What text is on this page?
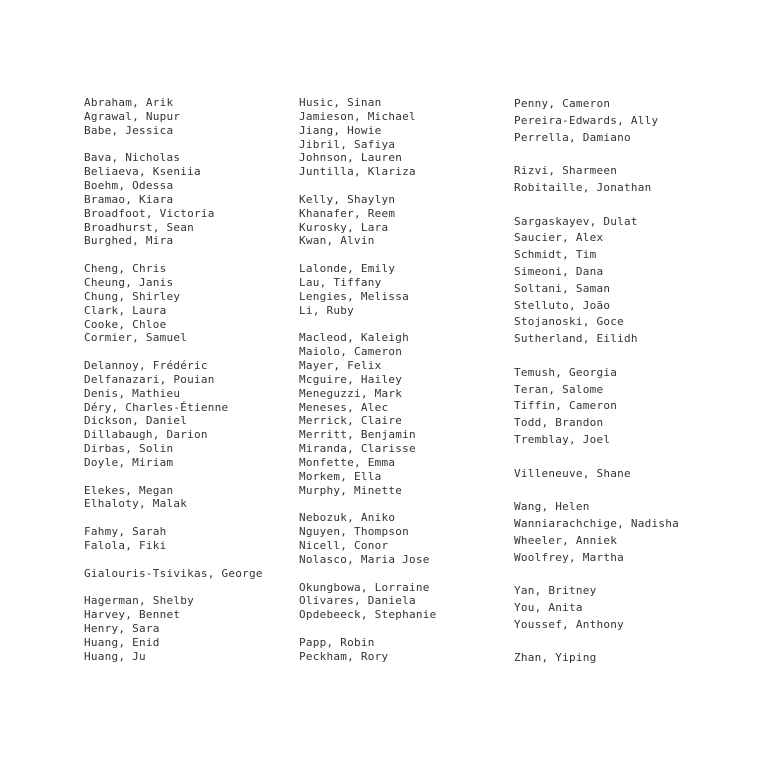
Abraham, Arik
Agrawal, Nupur
Babe, Jessica
Bava, Nicholas
Beliaeva, Kseniia
Boehm, Odessa
Bramao, Kiara
Broadfoot, Victoria
Broadhurst, Sean
Burghed, Mira
Cheng, Chris
Cheung, Janis
Chung, Shirley
Clark, Laura
Cooke, Chloe
Cormier, Samuel
Delannoy, Frédéric
Delfanazari, Pouian
Denis, Mathieu
Déry, Charles-Étienne
Dickson, Daniel
Dillabaugh, Darion
Dirbas, Solin
Doyle, Miriam
Elekes, Megan
Elhaloty, Malak
Fahmy, Sarah
Falola, Fiki
Gialouris-Tsivikas, George
Hagerman, Shelby
Harvey, Bennet
Henry, Sara
Huang, Enid
Huang, Ju
Husic, Sinan
Jamieson, Michael
Jiang, Howie
Jibril, Safiya
Johnson, Lauren
Juntilla, Klariza
Kelly, Shaylyn
Khanafer, Reem
Kurosky, Lara
Kwan, Alvin
Lalonde, Emily
Lau, Tiffany
Lengies, Melissa
Li, Ruby
Macleod, Kaleigh
Maiolo, Cameron
Mayer, Felix
Mcguire, Hailey
Meneguzzi, Mark
Meneses, Alec
Merrick, Claire
Merritt, Benjamin
Miranda, Clarisse
Monfette, Emma
Morkem, Ella
Murphy, Minette
Nebozuk, Aniko
Nguyen, Thompson
Nicell, Conor
Nolasco, Maria Jose
Okungbowa, Lorraine
Olivares, Daniela
Opdebeeck, Stephanie
Papp, Robin
Peckham, Rory
Penny, Cameron
Pereira-Edwards, Ally
Perrella, Damiano
Rizvi, Sharmeen
Robitaille, Jonathan
Sargaskayev, Dulat
Saucier, Alex
Schmidt, Tim
Simeoni, Dana
Soltani, Saman
Stelluto, João
Stojanoski, Goce
Sutherland, Eilidh
Temush, Georgia
Teran, Salome
Tiffin, Cameron
Todd, Brandon
Tremblay, Joel
Villeneuve, Shane
Wang, Helen
Wanniarachchige, Nadisha
Wheeler, Anniek
Woolfrey, Martha
Yan, Britney
You, Anita
Youssef, Anthony
Zhan, Yiping
